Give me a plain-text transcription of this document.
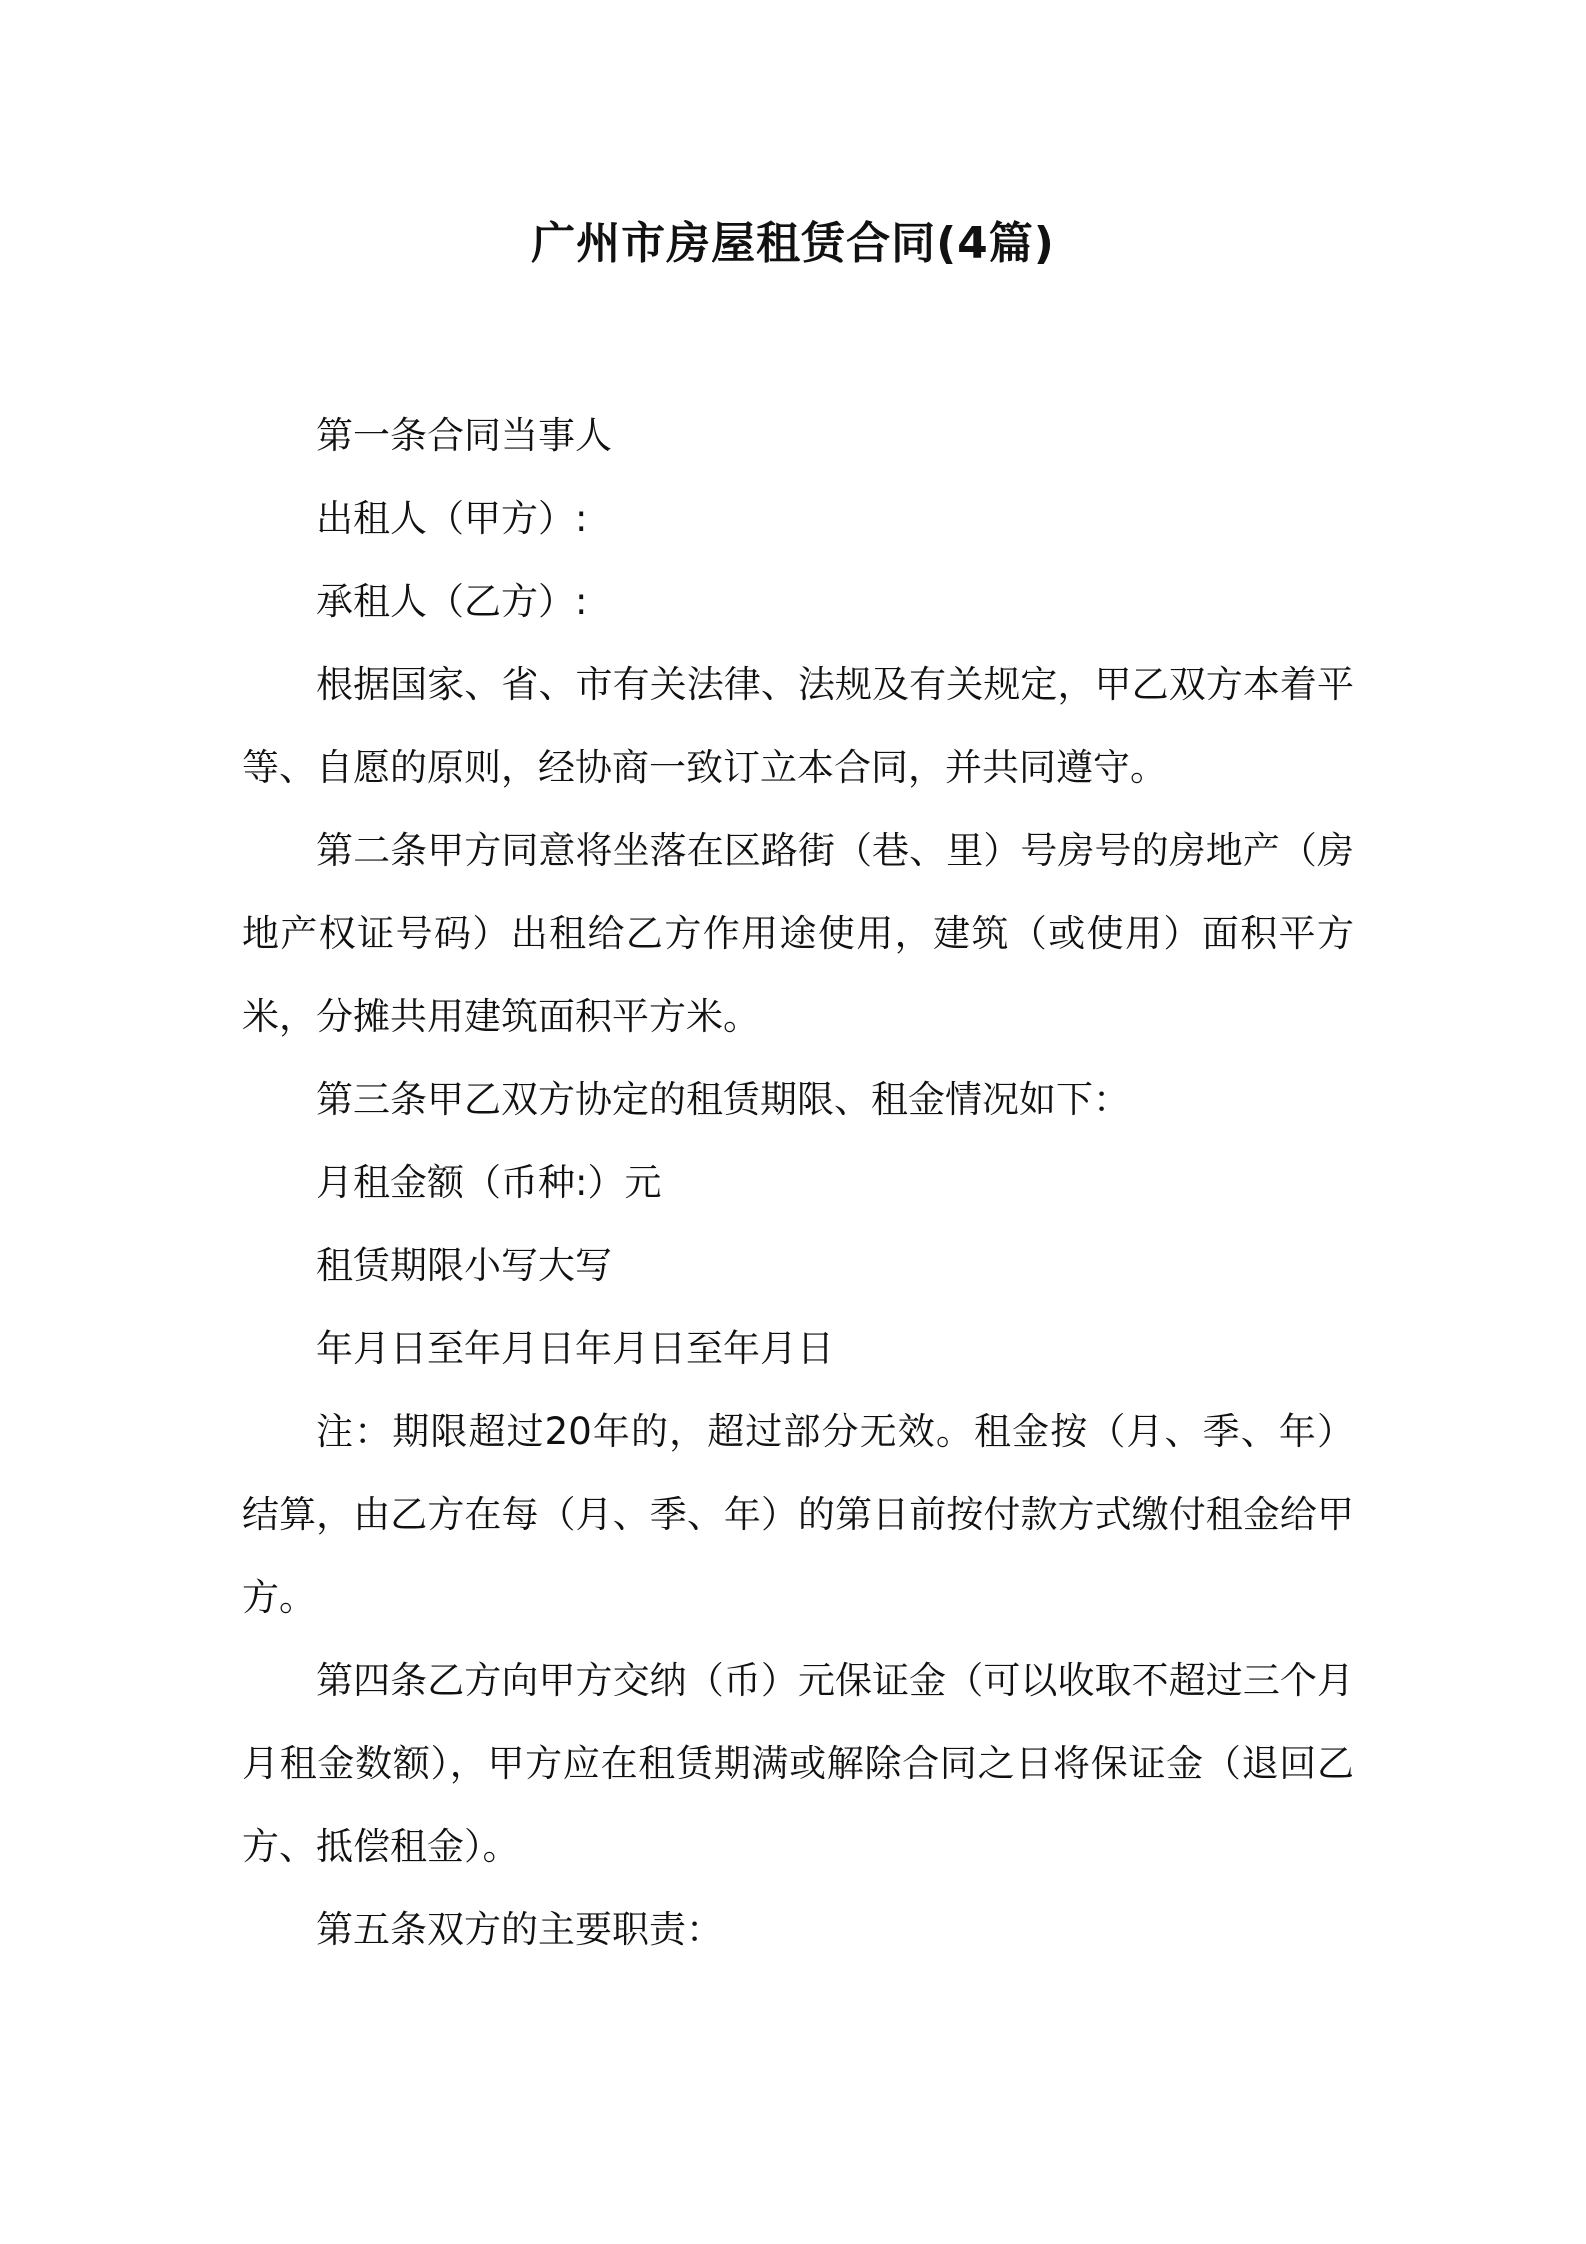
广州市房屋租赁合同(4篇)

第一条合同当事人

出租人（甲方）:

承租人（乙方）:

根据国家、省、市有关法律、法规及有关规定，甲乙双方本着平等、自愿的原则，经协商一致订立本合同，并共同遵守。

第二条甲方同意将坐落在区路街（巷、里）号房号的房地产（房地产权证号码）出租给乙方作用途使用，建筑（或使用）面积平方米，分摊共用建筑面积平方米。

第三条甲乙双方协定的租赁期限、租金情况如下：

月租金额（币种:）元

租赁期限小写大写

年月日至年月日年月日至年月日

注：期限超过20年的，超过部分无效。租金按（月、季、年）结算，由乙方在每（月、季、年）的第日前按付款方式缴付租金给甲方。

第四条乙方向甲方交纳（币）元保证金（可以收取不超过三个月月租金数额），甲方应在租赁期满或解除合同之日将保证金（退回乙方、抵偿租金）。

第五条双方的主要职责：
